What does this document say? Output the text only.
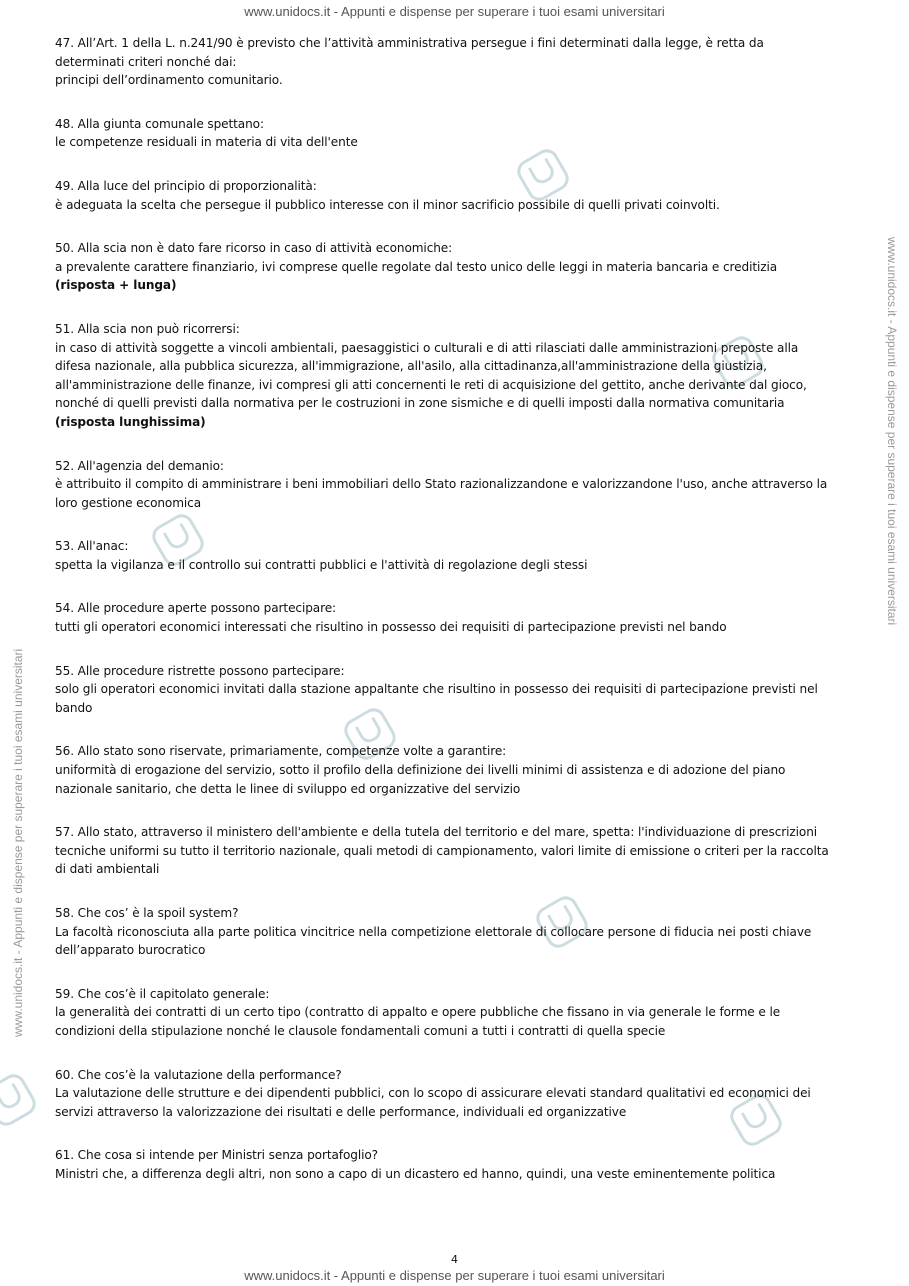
www.unidocs.it - Appunti e dispense per superare i tuoi esami universitari
www.unidocs.it - Appunti e dispense per superare i tuoi esami universitari
www.unidocs.it - Appunti e dispense per superare i tuoi esami universitari

47. All’Art. 1 della L. n.241/90 è previsto che l’attività amministrativa persegue i fini determinati dalla legge, è retta da determinati criteri nonché dai:

principi dell’ordinamento comunitario.

48. Alla giunta comunale spettano:

le competenze residuali in materia di vita dell'ente

49. Alla luce del principio di proporzionalità:

è adeguata la scelta che persegue il pubblico interesse con il minor sacrificio possibile di quelli privati coinvolti.

50. Alla scia non è dato fare ricorso in caso di attività economiche:

a prevalente carattere finanziario, ivi comprese quelle regolate dal testo unico delle leggi in materia bancaria e creditizia

(risposta + lunga)

51. Alla scia non può ricorrersi:

in caso di attività soggette a vincoli ambientali, paesaggistici o culturali e di atti rilasciati dalle amministrazioni preposte alla difesa nazionale, alla pubblica sicurezza, all'immigrazione, all'asilo, alla cittadinanza,all'amministrazione della giustizia, all'amministrazione delle finanze, ivi compresi gli atti concernenti le reti di acquisizione del gettito, anche derivante dal gioco, nonché di quelli previsti dalla normativa per le costruzioni in zone sismiche e di quelli imposti dalla normativa comunitaria (risposta lunghissima)

52. All'agenzia del demanio:

è attribuito il compito di amministrare i beni immobiliari dello Stato razionalizzandone e valorizzandone l'uso, anche attraverso la loro gestione economica

53. All'anac:

spetta la vigilanza e il controllo sui contratti pubblici e l'attività di regolazione degli stessi

54. Alle procedure aperte possono partecipare:

tutti gli operatori economici interessati che risultino in possesso dei requisiti di partecipazione previsti nel bando

55. Alle procedure ristrette possono partecipare:

solo gli operatori economici invitati dalla stazione appaltante che risultino in possesso dei requisiti di partecipazione previsti nel bando

56. Allo stato sono riservate, primariamente, competenze volte a garantire:

uniformità di erogazione del servizio, sotto il profilo della definizione dei livelli minimi di assistenza e di adozione del piano nazionale sanitario, che detta le linee di sviluppo ed organizzative del servizio

57. Allo stato, attraverso il ministero dell'ambiente e della tutela del territorio e del mare, spetta: l'individuazione di prescrizioni tecniche uniformi su tutto il territorio nazionale, quali metodi di campionamento, valori limite di emissione o criteri per la raccolta di dati ambientali

58. Che cos’ è la spoil system?

La facoltà riconosciuta alla parte politica vincitrice nella competizione elettorale di collocare persone di fiducia nei posti chiave dell’apparato burocratico

59. Che cos’è il capitolato generale:

la generalità dei contratti di un certo tipo (contratto di appalto e opere pubbliche che fissano in via generale le forme e le condizioni della stipulazione nonché le clausole fondamentali comuni a tutti i contratti di quella specie

60. Che cos’è la valutazione della performance?

La valutazione delle strutture e dei dipendenti pubblici, con lo scopo di assicurare elevati standard qualitativi ed economici dei servizi attraverso la valorizzazione dei risultati e delle performance, individuali ed organizzative

61. Che cosa si intende per Ministri senza portafoglio?

Ministri che, a differenza degli altri, non sono a capo di un dicastero ed hanno, quindi, una veste eminentemente politica

4
www.unidocs.it - Appunti e dispense per superare i tuoi esami universitari
